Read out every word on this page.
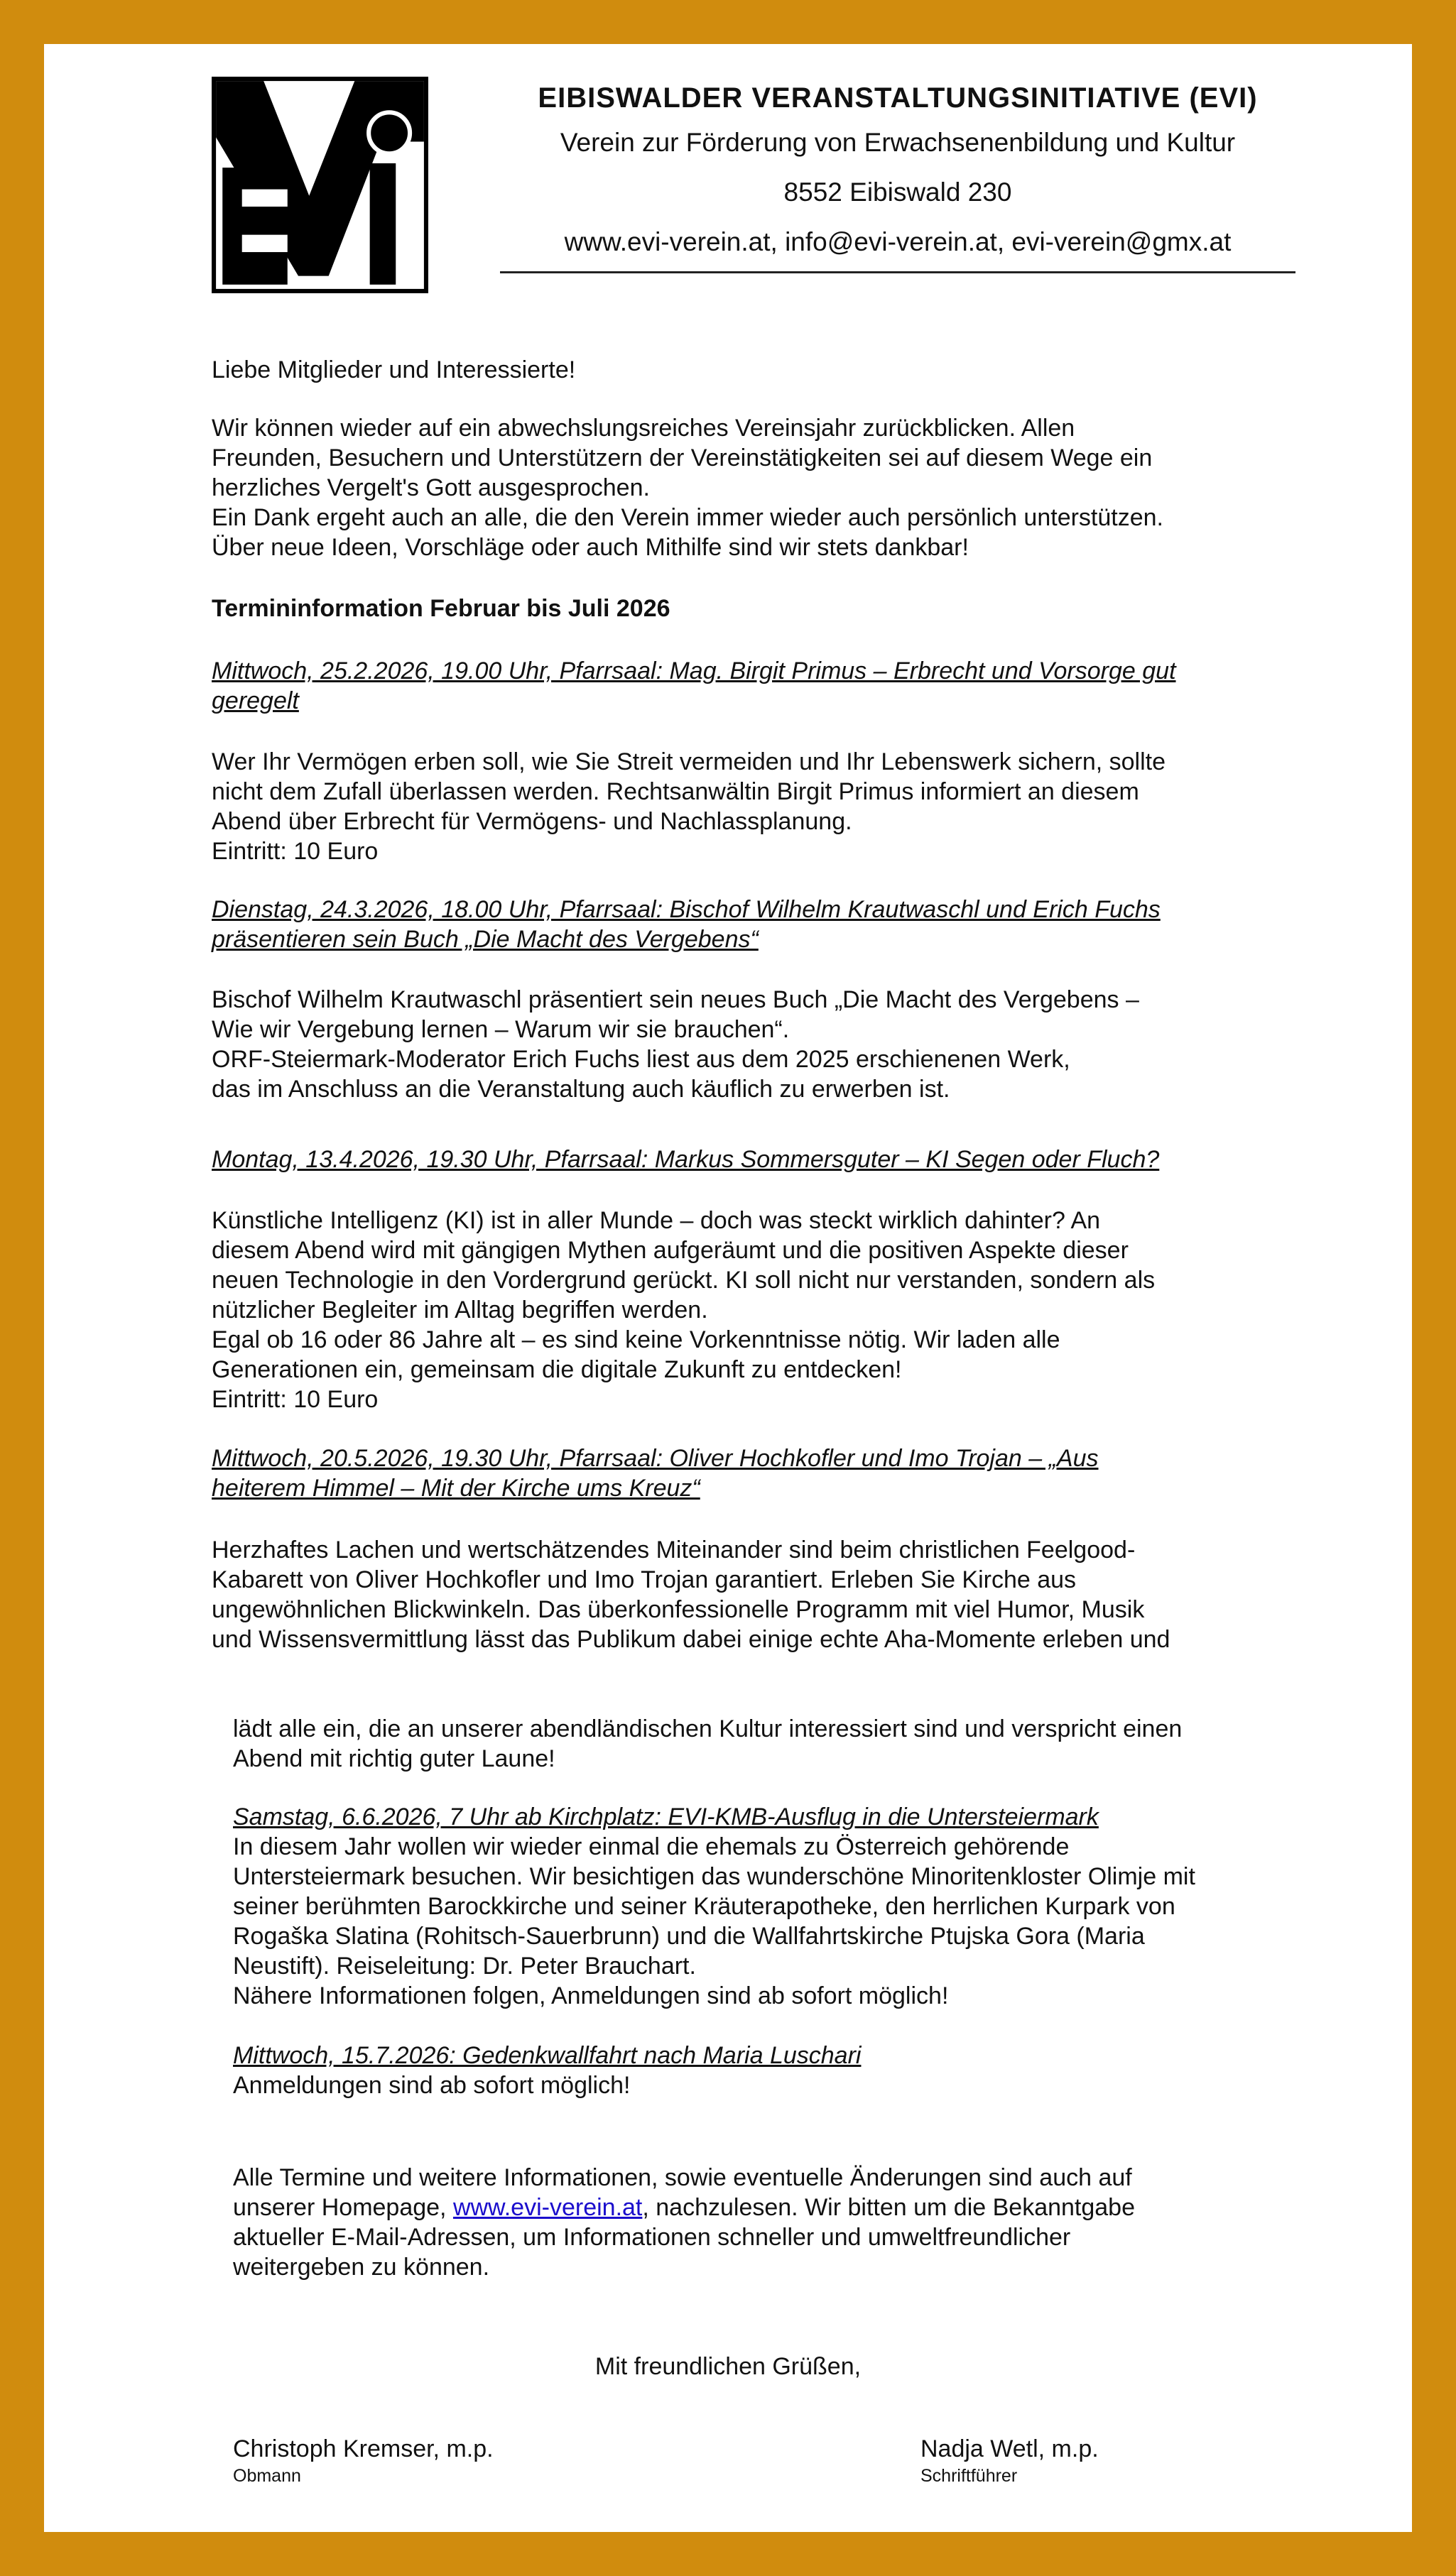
EIBISWALDER VERANSTALTUNGSINITIATIVE (EVI)
Verein zur Förderung von Erwachsenenbildung und Kultur
8552 Eibiswald 230
www.evi-verein.at, info@evi-verein.at, evi-verein@gmx.at
Liebe Mitglieder und Interessierte!
Wir können wieder auf ein abwechslungsreiches Vereinsjahr zurückblicken. Allen
Freunden, Besuchern und Unterstützern der Vereinstätigkeiten sei auf diesem Wege ein
herzliches Vergelt's Gott ausgesprochen.
Ein Dank ergeht auch an alle, die den Verein immer wieder auch persönlich unterstützen.
Über neue Ideen, Vorschläge oder auch Mithilfe sind wir stets dankbar!
Termininformation Februar bis Juli 2026
Mittwoch, 25.2.2026, 19.00 Uhr, Pfarrsaal: Mag. Birgit Primus – Erbrecht und Vorsorge gut
geregelt
Wer Ihr Vermögen erben soll, wie Sie Streit vermeiden und Ihr Lebenswerk sichern, sollte
nicht dem Zufall überlassen werden. Rechtsanwältin Birgit Primus informiert an diesem
Abend über Erbrecht für Vermögens- und Nachlassplanung.
Eintritt: 10 Euro
Dienstag, 24.3.2026, 18.00 Uhr, Pfarrsaal: Bischof Wilhelm Krautwaschl und Erich Fuchs
präsentieren sein Buch „Die Macht des Vergebens“
Bischof Wilhelm Krautwaschl präsentiert sein neues Buch „Die Macht des Vergebens –
Wie wir Vergebung lernen – Warum wir sie brauchen“.
ORF-Steiermark-Moderator Erich Fuchs liest aus dem 2025 erschienenen Werk,
das im Anschluss an die Veranstaltung auch käuflich zu erwerben ist.
Montag, 13.4.2026, 19.30 Uhr, Pfarrsaal: Markus Sommersguter – KI Segen oder Fluch?
Künstliche Intelligenz (KI) ist in aller Munde – doch was steckt wirklich dahinter? An
diesem Abend wird mit gängigen Mythen aufgeräumt und die positiven Aspekte dieser
neuen Technologie in den Vordergrund gerückt. KI soll nicht nur verstanden, sondern als
nützlicher Begleiter im Alltag begriffen werden.
Egal ob 16 oder 86 Jahre alt – es sind keine Vorkenntnisse nötig. Wir laden alle
Generationen ein, gemeinsam die digitale Zukunft zu entdecken!
Eintritt: 10 Euro
Mittwoch, 20.5.2026, 19.30 Uhr, Pfarrsaal: Oliver Hochkofler und Imo Trojan – „Aus
heiterem Himmel – Mit der Kirche ums Kreuz“
Herzhaftes Lachen und wertschätzendes Miteinander sind beim christlichen Feelgood-
Kabarett von Oliver Hochkofler und Imo Trojan garantiert. Erleben Sie Kirche aus
ungewöhnlichen Blickwinkeln. Das überkonfessionelle Programm mit viel Humor, Musik
und Wissensvermittlung lässt das Publikum dabei einige echte Aha-Momente erleben und
lädt alle ein, die an unserer abendländischen Kultur interessiert sind und verspricht einen
Abend mit richtig guter Laune!
Samstag, 6.6.2026, 7 Uhr ab Kirchplatz: EVI-KMB-Ausflug in die Untersteiermark
In diesem Jahr wollen wir wieder einmal die ehemals zu Österreich gehörende
Untersteiermark besuchen. Wir besichtigen das wunderschöne Minoritenkloster Olimje mit
seiner berühmten Barockkirche und seiner Kräuterapotheke, den herrlichen Kurpark von
Rogaška Slatina (Rohitsch-Sauerbrunn) und die Wallfahrtskirche Ptujska Gora (Maria
Neustift). Reiseleitung: Dr. Peter Brauchart.
Nähere Informationen folgen, Anmeldungen sind ab sofort möglich!
Mittwoch, 15.7.2026: Gedenkwallfahrt nach Maria Luschari
Anmeldungen sind ab sofort möglich!
Alle Termine und weitere Informationen, sowie eventuelle Änderungen sind auch auf
unserer Homepage, www.evi-verein.at, nachzulesen. Wir bitten um die Bekanntgabe
aktueller E-Mail-Adressen, um Informationen schneller und umweltfreundlicher
weitergeben zu können.
Mit freundlichen Grüßen,
Christoph Kremser, m.p.
Obmann
Nadja Wetl, m.p.
Schriftführer
